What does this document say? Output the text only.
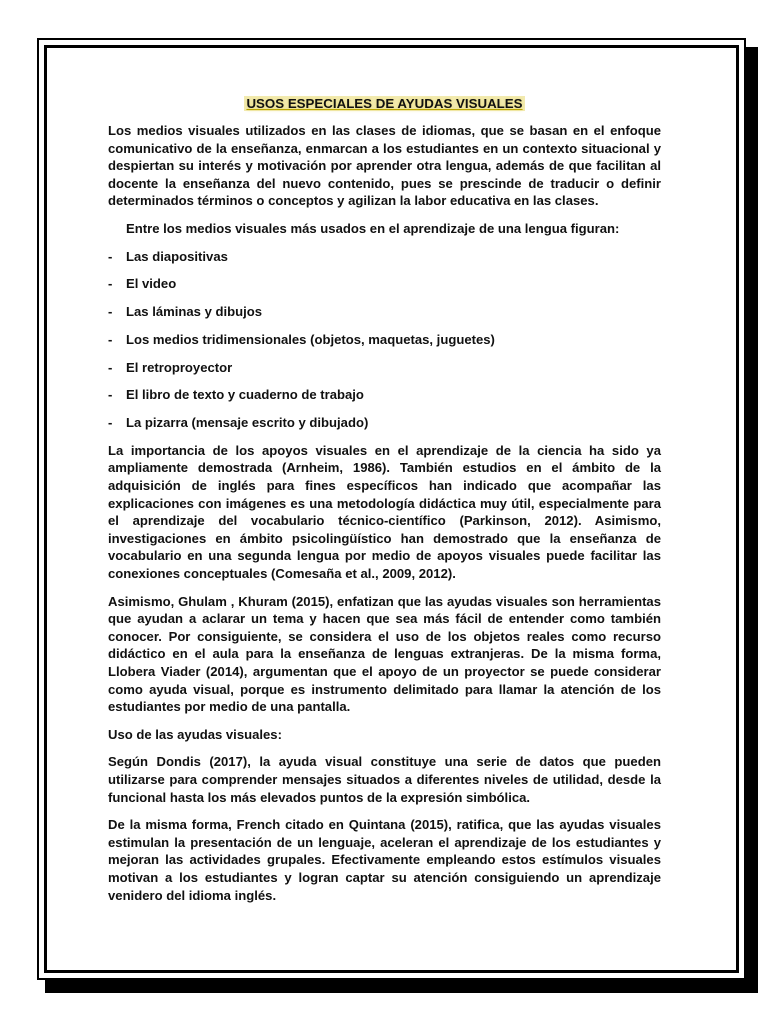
USOS ESPECIALES DE AYUDAS VISUALES

Los medios visuales utilizados en las clases de idiomas, que se basan en el enfoque comunicativo de la enseñanza, enmarcan a los estudiantes en un contexto situacional y despiertan su interés y motivación por aprender otra lengua, además de que facilitan al docente la enseñanza del nuevo contenido, pues se prescinde de traducir o definir determinados términos o conceptos y agilizan la labor educativa en las clases.

Entre los medios visuales más usados en el aprendizaje de una lengua figuran:

- Las diapositivas
- El video
- Las láminas y dibujos
- Los medios tridimensionales (objetos, maquetas, juguetes)
- El retroproyector
- El libro de texto y cuaderno de trabajo
- La pizarra (mensaje escrito y dibujado)

La importancia de los apoyos visuales en el aprendizaje de la ciencia ha sido ya ampliamente demostrada (Arnheim, 1986). También estudios en el ámbito de la adquisición de inglés para fines específicos han indicado que acompañar las explicaciones con imágenes es una metodología didáctica muy útil, especialmente para el aprendizaje del vocabulario técnico-científico (Parkinson, 2012). Asimismo, investigaciones en ámbito psicolingüístico han demostrado que la enseñanza de vocabulario en una segunda lengua por medio de apoyos visuales puede facilitar las conexiones conceptuales (Comesaña et al., 2009, 2012).

Asimismo, Ghulam , Khuram (2015), enfatizan que las ayudas visuales son herramientas que ayudan a aclarar un tema y hacen que sea más fácil de entender como también conocer. Por consiguiente, se considera el uso de los objetos reales como recurso didáctico en el aula para la enseñanza de lenguas extranjeras. De la misma forma, Llobera Viader (2014), argumentan que el apoyo de un proyector se puede considerar como ayuda visual, porque es instrumento delimitado para llamar la atención de los estudiantes por medio de una pantalla.

Uso de las ayudas visuales:

Según Dondis (2017), la ayuda visual constituye una serie de datos que pueden utilizarse para comprender mensajes situados a diferentes niveles de utilidad, desde la funcional hasta los más elevados puntos de la expresión simbólica.

De la misma forma, French citado en Quintana (2015), ratifica, que las ayudas visuales estimulan la presentación de un lenguaje, aceleran el aprendizaje de los estudiantes y mejoran las actividades grupales. Efectivamente empleando estos estímulos visuales motivan a los estudiantes y logran captar su atención consiguiendo un aprendizaje venidero del idioma inglés.
